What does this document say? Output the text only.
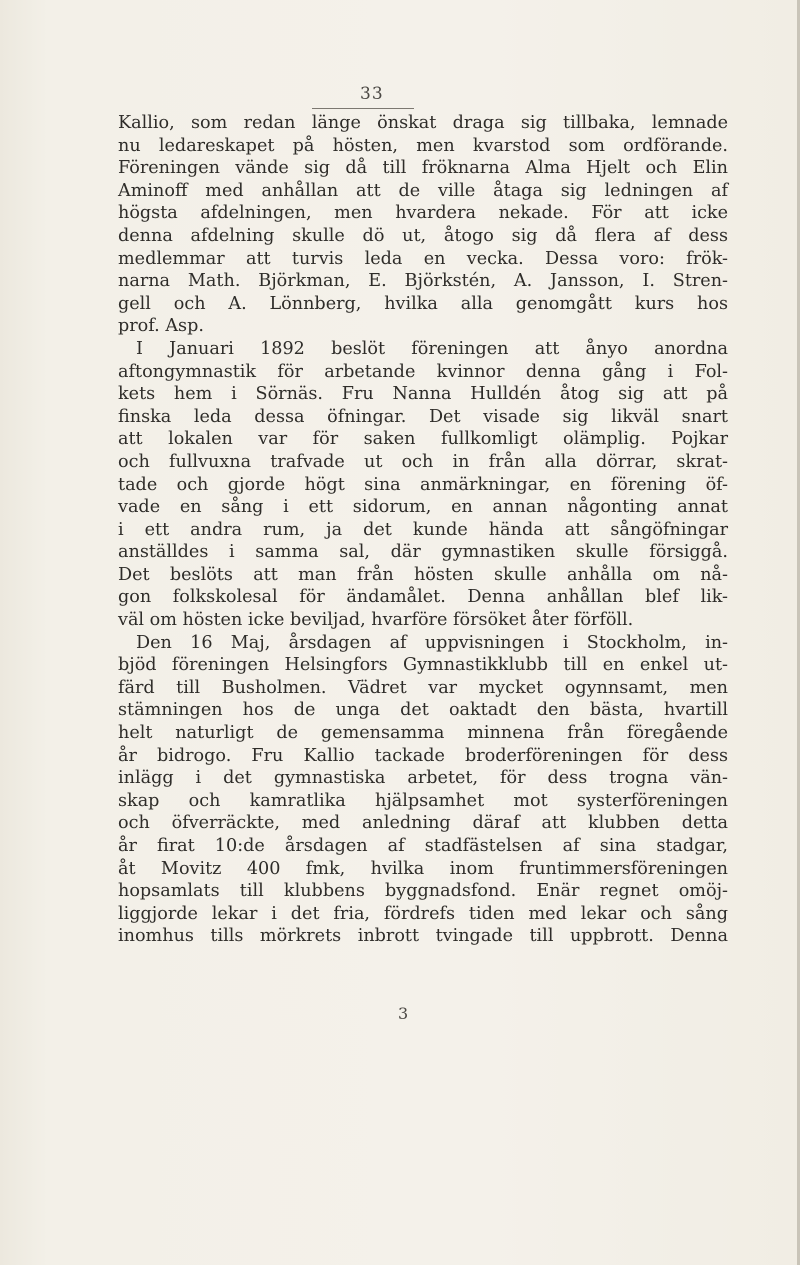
33
Kallio, som redan länge önskat draga sig tillbaka, lemnade
nu ledareskapet på hösten, men kvarstod som ordförande.
Föreningen vände sig då till fröknarna Alma Hjelt och Elin
Aminoff med anhållan att de ville åtaga sig ledningen af
högsta afdelningen, men hvardera nekade. För att icke
denna afdelning skulle dö ut, åtogo sig då flera af dess
medlemmar att turvis leda en vecka. Dessa voro: frök-
narna Math. Björkman, E. Björkstén, A. Jansson, I. Stren-
gell och A. Lönnberg, hvilka alla genomgått kurs hos
prof. Asp.
I Januari 1892 beslöt föreningen att ånyo anordna
aftongymnastik för arbetande kvinnor denna gång i Fol-
kets hem i Sörnäs. Fru Nanna Hulldén åtog sig att på
finska leda dessa öfningar. Det visade sig likväl snart
att lokalen var för saken fullkomligt olämplig. Pojkar
och fullvuxna trafvade ut och in från alla dörrar, skrat-
tade och gjorde högt sina anmärkningar, en förening öf-
vade en sång i ett sidorum, en annan någonting annat
i ett andra rum, ja det kunde hända att sångöfningar
anställdes i samma sal, där gymnastiken skulle försiggå.
Det beslöts att man från hösten skulle anhålla om nå-
gon folkskolesal för ändamålet. Denna anhållan blef lik-
väl om hösten icke beviljad, hvarföre försöket åter förföll.
Den 16 Maj, årsdagen af uppvisningen i Stockholm, in-
bjöd föreningen Helsingfors Gymnastikklubb till en enkel ut-
färd till Busholmen. Vädret var mycket ogynnsamt, men
stämningen hos de unga det oaktadt den bästa, hvartill
helt naturligt de gemensamma minnena från föregående
år bidrogo. Fru Kallio tackade broderföreningen för dess
inlägg i det gymnastiska arbetet, för dess trogna vän-
skap och kamratlika hjälpsamhet mot systerföreningen
och öfverräckte, med anledning däraf att klubben detta
år firat 10:de årsdagen af stadfästelsen af sina stadgar,
åt Movitz 400 fmk, hvilka inom fruntimmersföreningen
hopsamlats till klubbens byggnadsfond. Enär regnet omöj-
liggjorde lekar i det fria, fördrefs tiden med lekar och sång
inomhus tills mörkrets inbrott tvingade till uppbrott. Denna
3
